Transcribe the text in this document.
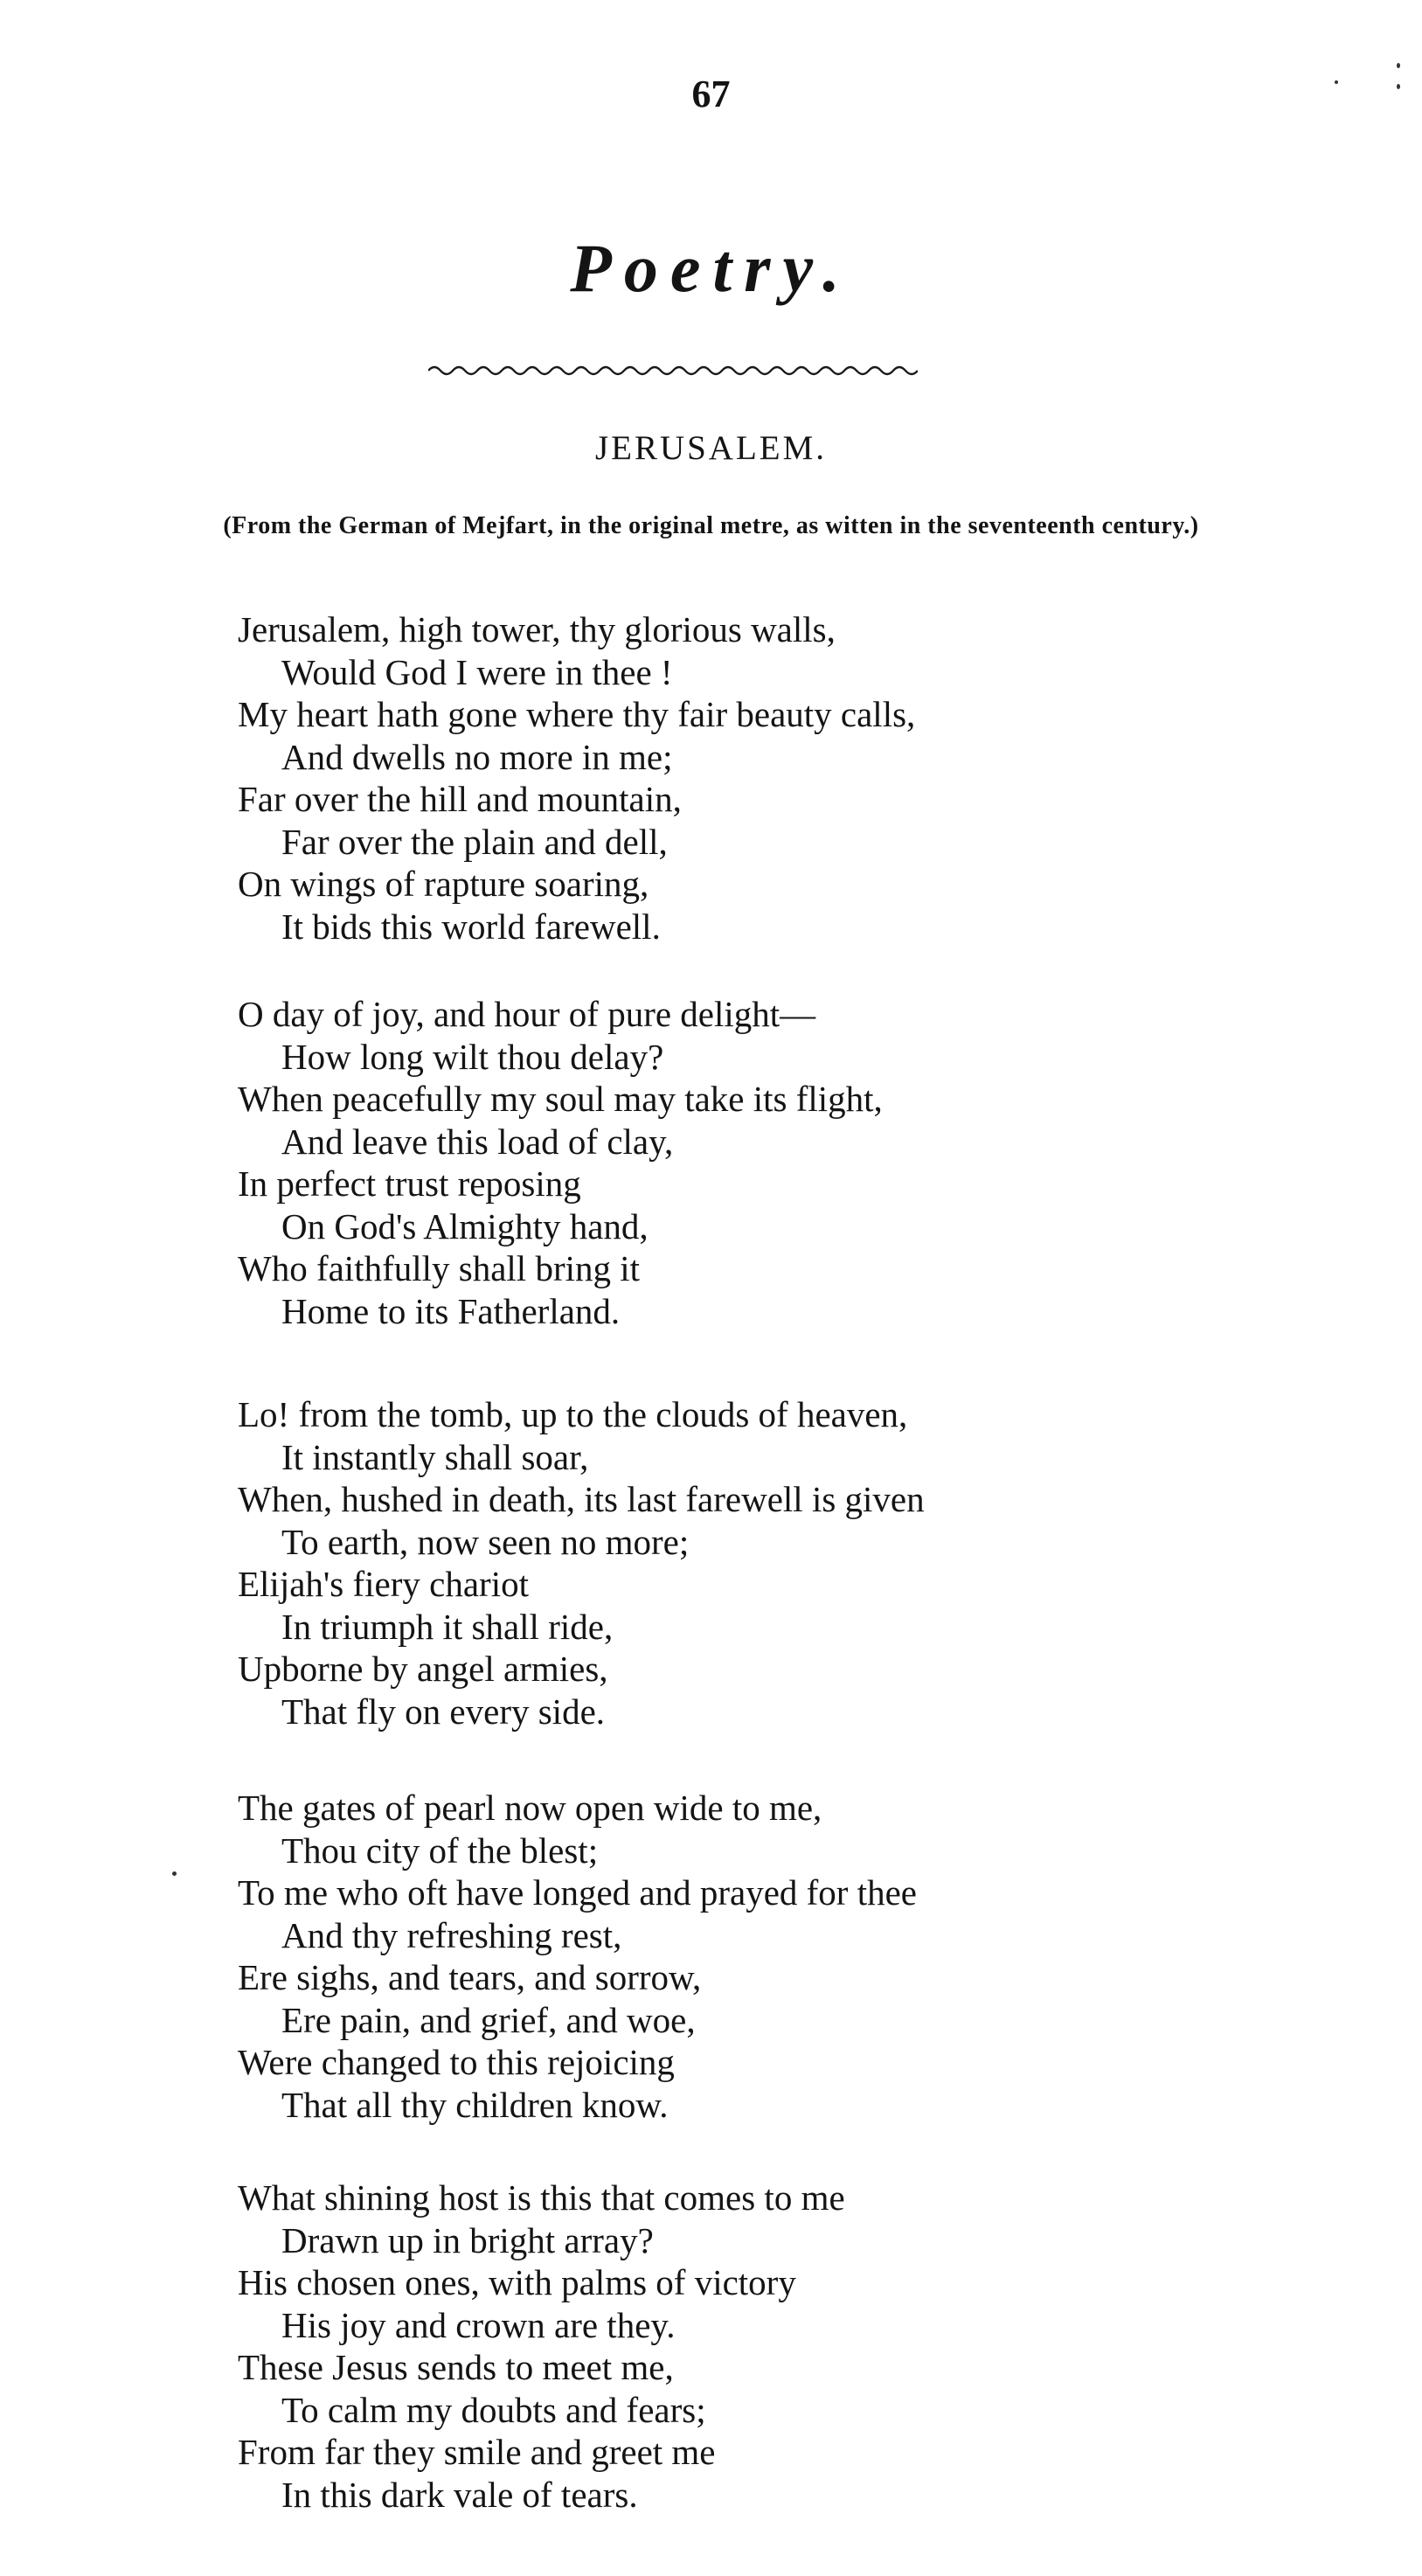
67
Poetry.
JERUSALEM.
(From the German of Mejfart, in the original metre, as witten in the seventeenth century.)
Jerusalem, high tower, thy glorious walls,
Would God I were in thee !
My heart hath gone where thy fair beauty calls,
And dwells no more in me;
Far over the hill and mountain,
Far over the plain and dell,
On wings of rapture soaring,
It bids this world farewell.
O day of joy, and hour of pure delight—
How long wilt thou delay?
When peacefully my soul may take its flight,
And leave this load of clay,
In perfect trust reposing
On God's Almighty hand,
Who faithfully shall bring it
Home to its Fatherland.
Lo! from the tomb, up to the clouds of heaven,
It instantly shall soar,
When, hushed in death, its last farewell is given
To earth, now seen no more;
Elijah's fiery chariot
In triumph it shall ride,
Upborne by angel armies,
That fly on every side.
The gates of pearl now open wide to me,
Thou city of the blest;
To me who oft have longed and prayed for thee
And thy refreshing rest,
Ere sighs, and tears, and sorrow,
Ere pain, and grief, and woe,
Were changed to this rejoicing
That all thy children know.
What shining host is this that comes to me
Drawn up in bright array?
His chosen ones, with palms of victory
His joy and crown are they.
These Jesus sends to meet me,
To calm my doubts and fears;
From far they smile and greet me
In this dark vale of tears.
